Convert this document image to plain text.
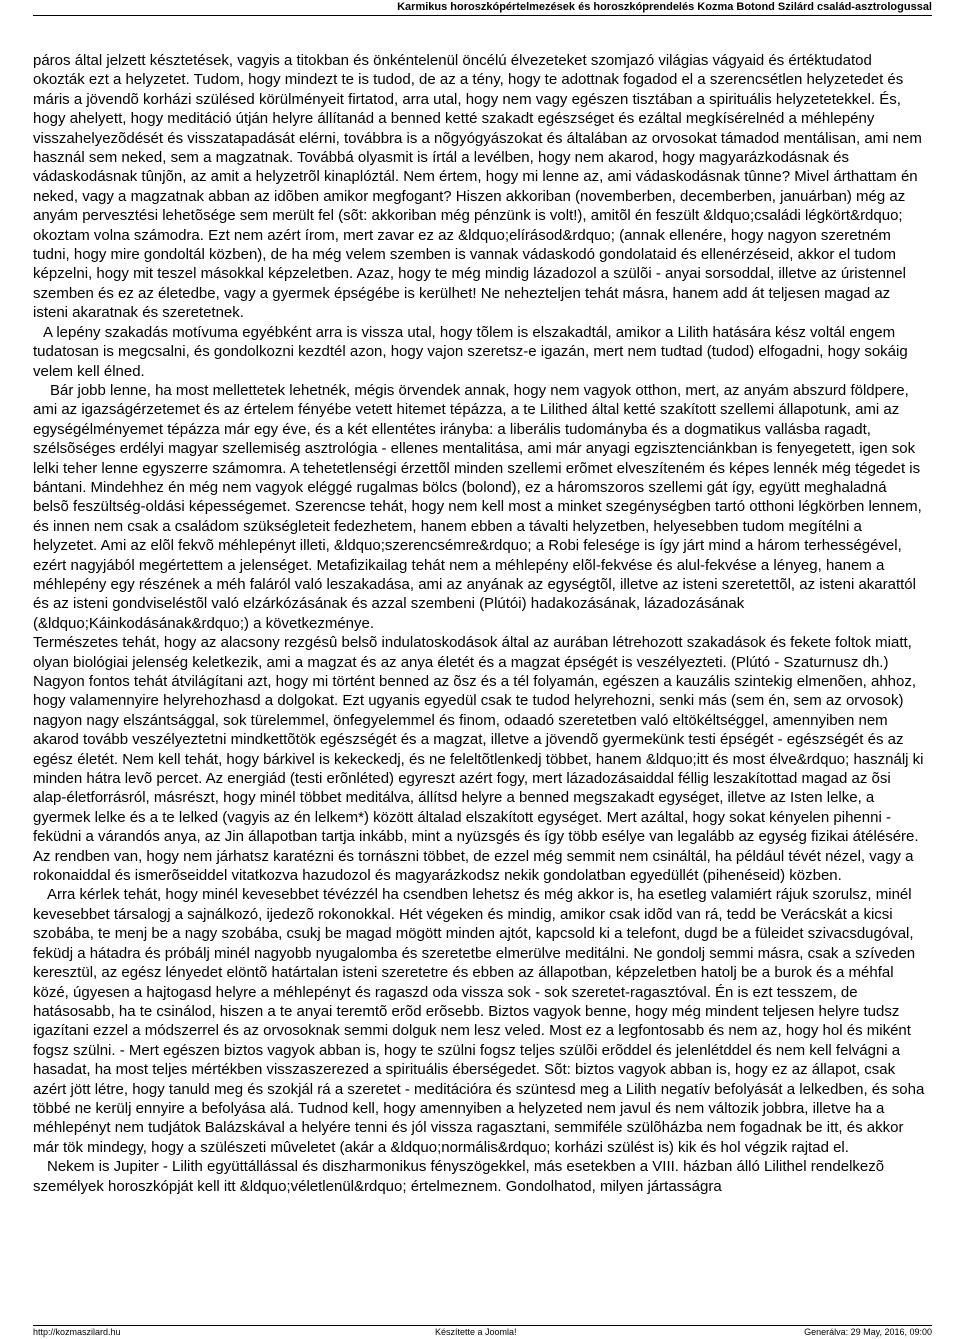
Karmikus horoszkópértelmezések és horoszkóprendelés Kozma Botond Szilárd család-asztrologussal

páros által jelzett késztetések, vagyis a titokban és önkéntelenül öncélú élvezeteket szomjazó világias vágyaid és értéktudatod okozták ezt a helyzetet. Tudom, hogy mindezt te is tudod, de az a tény, hogy te adottnak fogadod el a szerencsétlen helyzetedet és máris a jövendõ korházi szülésed körülményeit firtatod, arra utal, hogy nem vagy egészen tisztában a spirituális helyzetetekkel. És, hogy ahelyett, hogy meditáció útján helyre állítanád a benned ketté szakadt egészséget és ezáltal megkísérelnéd a méhlepény visszahelyezõdését és visszatapadását elérni, továbbra is a nõgyógyászokat és általában az orvosokat támadod mentálisan, ami nem használ sem neked, sem a magzatnak. Továbbá olyasmit is írtál a levélben, hogy nem akarod, hogy magyarázkodásnak és vádaskodásnak tûnjõn, az amit a helyzetrõl kinaplóztál. Nem értem, hogy mi lenne az, ami vádaskodásnak tûnne? Mivel árthattam én neked, vagy a magzatnak abban az idõben amikor megfogant? Hiszen akkoriban (novemberben, decemberben, januárban) még az anyám pervesztési lehetõsége sem merült fel (sõt: akkoriban még pénzünk is volt!), amitõl én feszült &ldquo;családi légkört&rdquo; okoztam volna számodra. Ezt nem azért írom, mert zavar ez az &ldquo;elírásod&rdquo; (annak ellenére, hogy nagyon szeretném tudni, hogy mire gondoltál közben), de ha még velem szemben is vannak vádaskodó gondolataid és ellenérzéseid, akkor el tudom képzelni, hogy mit teszel másokkal képzeletben. Azaz, hogy te még mindig lázadozol a szülõi - anyai sorsoddal, illetve az úristennel szemben és ez az életedbe, vagy a gyermek épségébe is kerülhet! Ne nehezteljen tehát másra, hanem add át teljesen magad az isteni akaratnak és szeretetnek.

A lepény szakadás motívuma egyébként arra is vissza utal, hogy tõlem is elszakadtál, amikor a Lilith hatására kész voltál engem tudatosan is megcsalni, és gondolkozni kezdtél azon, hogy vajon szeretsz-e igazán, mert nem tudtad (tudod) elfogadni, hogy sokáig velem kell élned.

Bár jobb lenne, ha most mellettetek lehetnék, mégis örvendek annak, hogy nem vagyok otthon, mert, az anyám abszurd földpere, ami az igazságérzetemet és az értelem fényébe vetett hitemet tépázza, a te Lilithed által ketté szakított szellemi állapotunk, ami az egységélményemet tépázza már egy éve, és a két ellentétes irányba: a liberális tudományba és a dogmatikus vallásba ragadt, szélsõséges erdélyi magyar szellemiség asztrológia - ellenes mentalitása, ami már anyagi egzisztenciánkban is fenyegetett, igen sok lelki teher lenne egyszerre számomra. A tehetetlenségi érzettõl minden szellemi erõmet elveszíteném és képes lennék még tégedet is bántani. Mindehhez én még nem vagyok eléggé rugalmas bölcs (bolond), ez a háromszoros szellemi gát így, együtt meghaladná belsõ feszültség-oldási képességemet. Szerencse tehát, hogy nem kell most a minket szegénységben tartó otthoni légkörben lennem, és innen nem csak a családom szükségleteit fedezhetem, hanem ebben a távalti helyzetben, helyesebben tudom megítélni a helyzetet. Ami az elõl fekvõ méhlepényt illeti, &ldquo;szerencsémre&rdquo; a Robi felesége is így járt mind a három terhességével, ezért nagyjából megértettem a jelenséget. Metafizikailag tehát nem a méhlepény elõl-fekvése és alul-fekvése a lényeg, hanem a méhlepény egy részének a méh faláról való leszakadása, ami az anyának az egységtõl, illetve az isteni szeretettõl, az isteni akarattól és az isteni gondviseléstõl való elzárkózásának és azzal szembeni (Plútói) hadakozásának, lázadozásának (&ldquo;Káinkodásának&rdquo;) a következménye.

Természetes tehát, hogy az alacsony rezgésû belsõ indulatoskodások által az aurában létrehozott szakadások és fekete foltok miatt, olyan biológiai jelenség keletkezik, ami a magzat és az anya életét és a magzat épségét is veszélyezteti. (Plútó - Szaturnusz dh.) Nagyon fontos tehát átvilágítani azt, hogy mi történt benned az õsz és a tél folyamán, egészen a kauzális szintekig elmenõen, ahhoz, hogy valamennyire helyrehozhasd a dolgokat. Ezt ugyanis egyedül csak te tudod helyrehozni, senki más (sem én, sem az orvosok) nagyon nagy elszántsággal, sok türelemmel, önfegyelemmel és finom, odaadó szeretetben való eltökéltséggel, amennyiben nem akarod tovább veszélyeztetni mindkettõtök egészségét és a magzat, illetve a jövendõ gyermekünk testi épségét - egészségét és az egész életét. Nem kell tehát, hogy bárkivel is kekeckedj, és ne feleltõtlenkedj többet, hanem &ldquo;itt és most élve&rdquo; használj ki minden hátra levõ percet. Az energiád (testi erõnléted) egyreszt azért fogy, mert lázadozásaiddal féllig leszakítottad magad az õsi alap-életforrásról, másrészt, hogy minél többet meditálva, állítsd helyre a benned megszakadt egységet, illetve az Isten lelke, a gyermek lelke és a te lelked (vagyis az én lelkem*) között általad elszakított egységet. Mert azáltal, hogy sokat kényelen pihenni - feküdni a várandós anya, az Jin állapotban tartja inkább, mint a nyüzsgés és így több esélye van legalább az egység fizikai átélésére. Az rendben van, hogy nem járhatsz karatézni és tornászni többet, de ezzel még semmit nem csináltál, ha például tévét nézel, vagy a rokonaiddal és ismerõseiddel vitatkozva hazudozol és magyarázkodsz nekik gondolatban egyedüllét (pihenéseid) közben.

Arra kérlek tehát, hogy minél kevesebbet tévézzél ha csendben lehetsz és még akkor is, ha esetleg valamiért rájuk szorulsz, minél kevesebbet társalogj a sajnálkozó, ijedezõ rokonokkal. Hét végeken és mindig, amikor csak idõd van rá, tedd be Verácskát a kicsi szobába, te menj be a nagy szobába, csukj be magad mögött minden ajtót, kapcsold ki a telefont, dugd be a füleidet szivacsdugóval, feküdj a hátadra és próbálj minél nagyobb nyugalomba és szeretetbe elmerülve meditálni. Ne gondolj semmi másra, csak a szíveden keresztül, az egész lényedet elöntõ határtalan isteni szeretetre és ebben az állapotban, képzeletben hatolj be a burok és a méhfal közé, úgyesen a hajtogasd helyre a méhlepényt és ragaszd oda vissza sok - sok szeretet-ragasztóval. Én is ezt tesszem, de hatásosabb, ha te csinálod, hiszen a te anyai teremtõ erõd erõsebb. Biztos vagyok benne, hogy még mindent teljesen helyre tudsz igazítani ezzel a módszerrel és az orvosoknak semmi dolguk nem lesz veled. Most ez a legfontosabb és nem az, hogy hol és miként fogsz szülni. - Mert egészen biztos vagyok abban is, hogy te szülni fogsz teljes szülõi erõddel és jelenlétddel és nem kell felvágni a hasadat, ha most teljes mértékben visszaszerezed a spirituális éberségedet. Sõt: biztos vagyok abban is, hogy ez az állapot, csak azért jött létre, hogy tanuld meg és szokjál rá a szeretet - meditációra és szüntesd meg a Lilith negatív befolyását a lelkedben, és soha többé ne kerülj ennyire a befolyása alá. Tudnod kell, hogy amennyiben a helyzeted nem javul és nem változik jobbra, illetve ha a méhlepényt nem tudjátok Balázskával a helyére tenni és jól vissza ragasztani, semmiféle szülõházba nem fogadnak be itt, és akkor már tök mindegy, hogy a szülészeti mûveletet (akár a &ldquo;normális&rdquo; korházi szülést is) kik és hol végzik rajtad el.

Nekem is Jupiter - Lilith együttállással és diszharmonikus fényszögekkel, más esetekben a VIII. házban álló Lilithel rendelkezõ személyek horoszkópját kell itt &ldquo;véletlenül&rdquo; értelmeznem. Gondolhatod, milyen jártasságra

http://kozmaszilard.hu	Készítette a Joomla!	Generálva: 29 May, 2016, 09:00
